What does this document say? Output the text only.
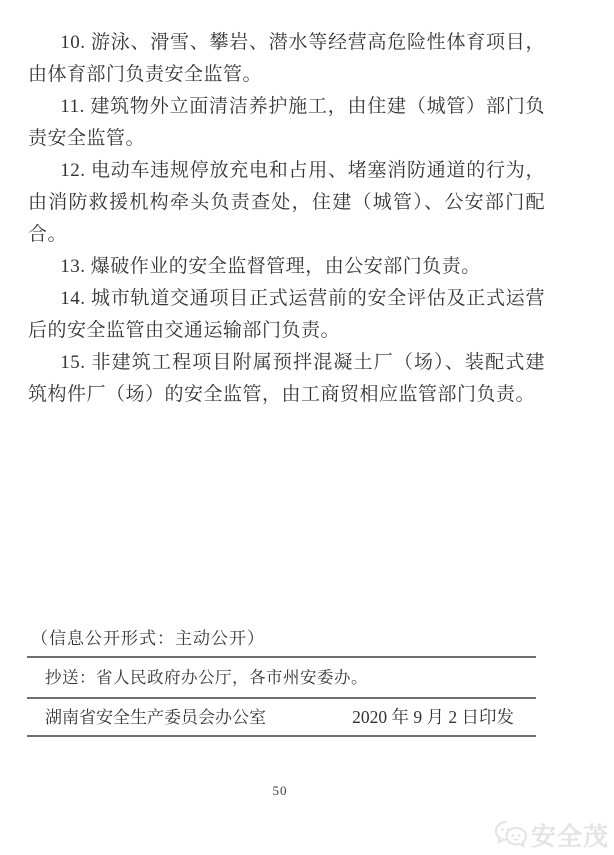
10. 游泳、滑雪、攀岩、潜水等经营高危险性体育项目，由体育部门负责安全监管。

11. 建筑物外立面清洁养护施工，由住建（城管）部门负责安全监管。

12. 电动车违规停放充电和占用、堵塞消防通道的行为，由消防救援机构牵头负责查处，住建（城管）、公安部门配合。

13. 爆破作业的安全监督管理，由公安部门负责。

14. 城市轨道交通项目正式运营前的安全评估及正式运营后的安全监管由交通运输部门负责。

15. 非建筑工程项目附属预拌混凝土厂（场）、装配式建筑构件厂（场）的安全监管，由工商贸相应监管部门负责。

（信息公开形式：主动公开）
抄送：省人民政府办公厅，各市州安委办。
湖南省安全生产委员会办公室	2020 年 9 月 2 日印发
50
安全茂
